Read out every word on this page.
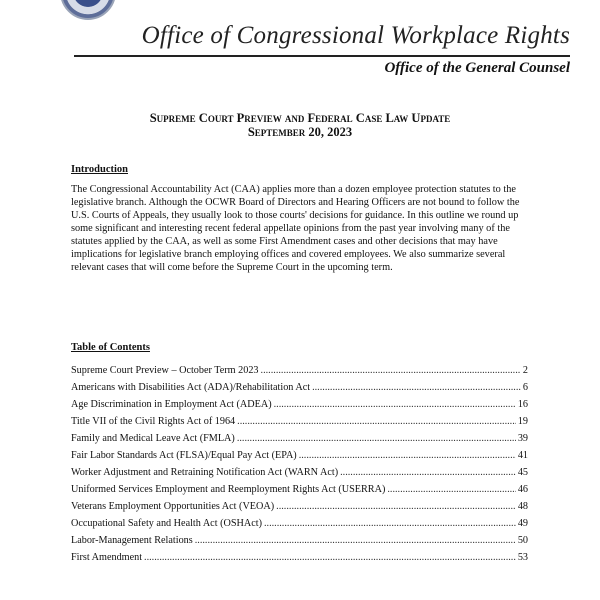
Office of Congressional Workplace Rights
Office of the General Counsel
Supreme Court Preview and Federal Case Law Update
September 20, 2023
Introduction
The Congressional Accountability Act (CAA) applies more than a dozen employee protection statutes to the legislative branch. Although the OCWR Board of Directors and Hearing Officers are not bound to follow the U.S. Courts of Appeals, they usually look to those courts' decisions for guidance. In this outline we round up some significant and interesting recent federal appellate opinions from the past year involving many of the statutes applied by the CAA, as well as some First Amendment cases and other decisions that may have implications for legislative branch employing offices and covered employees. We also summarize several relevant cases that will come before the Supreme Court in the upcoming term.
Table of Contents
Supreme Court Preview – October Term 2023 .....	2
Americans with Disabilities Act (ADA)/Rehabilitation Act .....	6
Age Discrimination in Employment Act (ADEA) .....	16
Title VII of the Civil Rights Act of 1964 .....	19
Family and Medical Leave Act (FMLA) .....	39
Fair Labor Standards Act (FLSA)/Equal Pay Act (EPA) .....	41
Worker Adjustment and Retraining Notification Act (WARN Act) .....	45
Uniformed Services Employment and Reemployment Rights Act (USERRA) .....	46
Veterans Employment Opportunities Act (VEOA) .....	48
Occupational Safety and Health Act (OSHAct) .....	49
Labor-Management Relations .....	50
First Amendment .....	53
